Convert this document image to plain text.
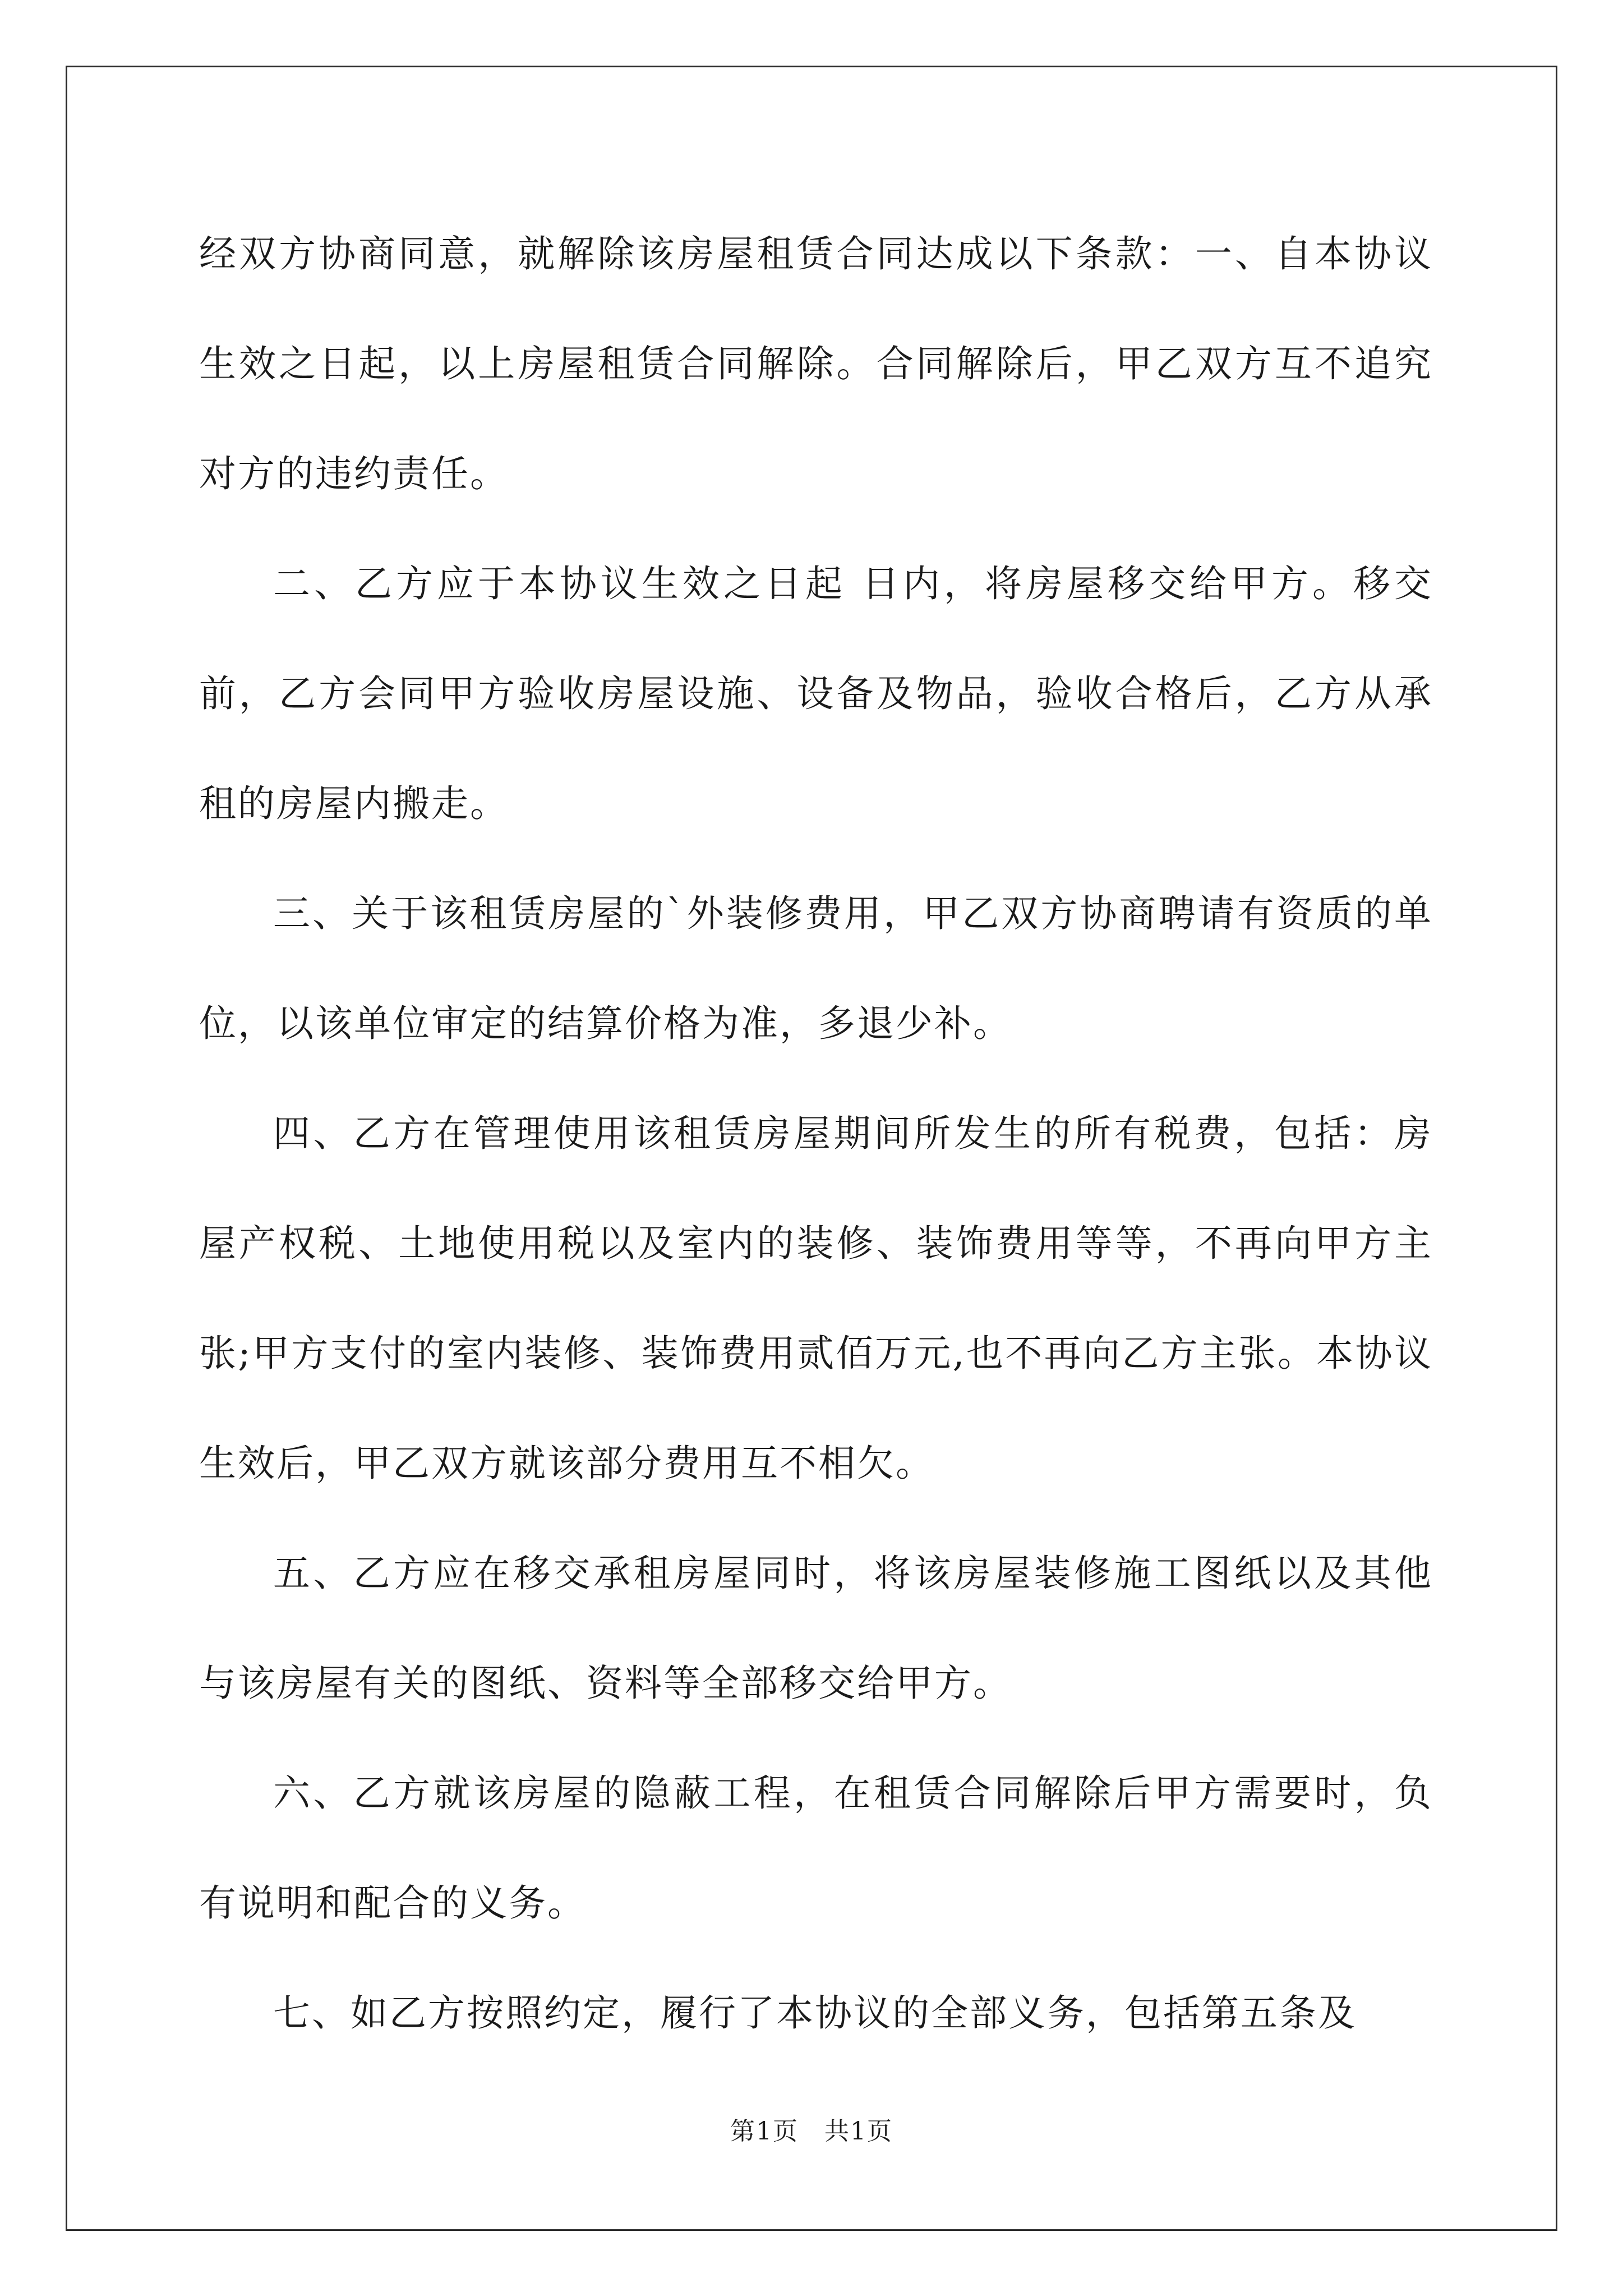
经双方协商同意，就解除该房屋租赁合同达成以下条款：一、自本协议生效之日起，以上房屋租赁合同解除。合同解除后，甲乙双方互不追究对方的违约责任。

二、乙方应于本协议生效之日起 日内，将房屋移交给甲方。移交前，乙方会同甲方验收房屋设施、设备及物品，验收合格后，乙方从承租的房屋内搬走。

三、关于该租赁房屋的`外装修费用，甲乙双方协商聘请有资质的单位，以该单位审定的结算价格为准，多退少补。

四、乙方在管理使用该租赁房屋期间所发生的所有税费，包括：房屋产权税、土地使用税以及室内的装修、装饰费用等等，不再向甲方主张;甲方支付的室内装修、装饰费用贰佰万元,也不再向乙方主张。本协议生效后，甲乙双方就该部分费用互不相欠。

五、乙方应在移交承租房屋同时，将该房屋装修施工图纸以及其他与该房屋有关的图纸、资料等全部移交给甲方。

六、乙方就该房屋的隐蔽工程，在租赁合同解除后甲方需要时，负有说明和配合的义务。

七、如乙方按照约定，履行了本协议的全部义务，包括第五条及

第1页　共1页
